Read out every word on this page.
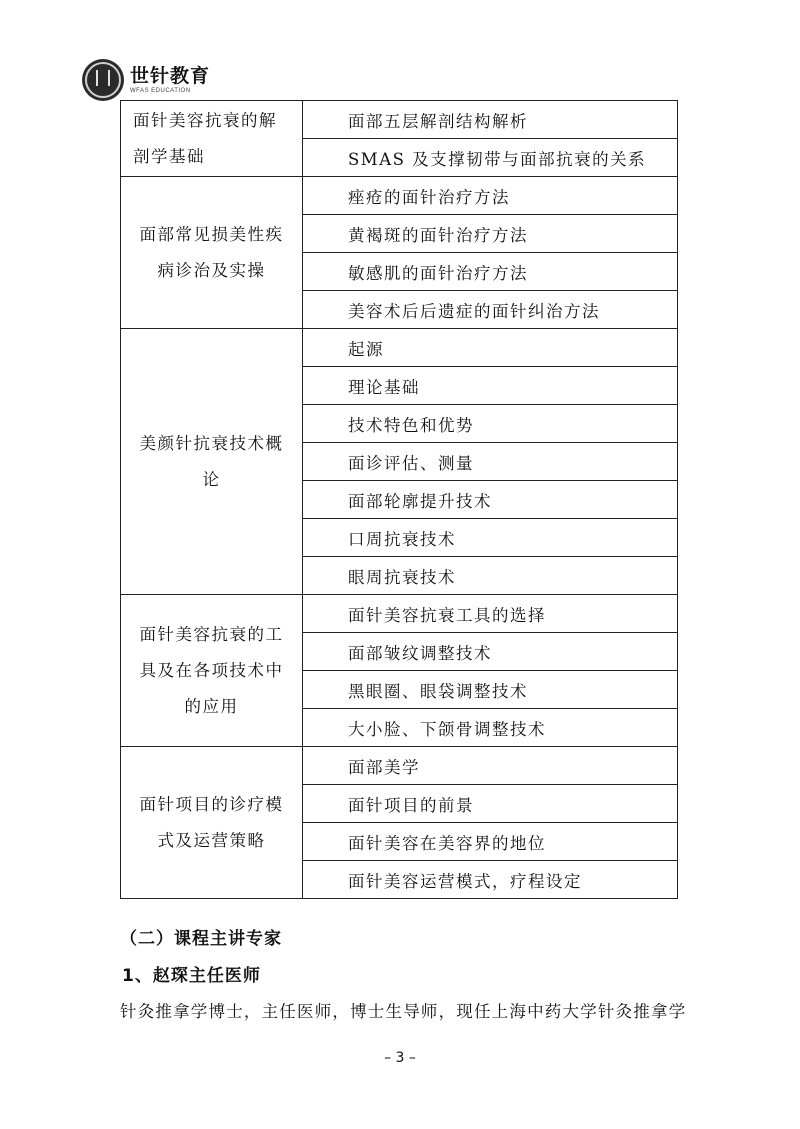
世针教育
WFAS EDUCATION
面针美容抗衰的解剖学基础	面部五层解剖结构解析
	SMAS 及支撑韧带与面部抗衰的关系
面部常见损美性疾病诊治及实操	痤疮的面针治疗方法
	黄褐斑的面针治疗方法
	敏感肌的面针治疗方法
	美容术后后遗症的面针纠治方法
美颜针抗衰技术概论	起源
	理论基础
	技术特色和优势
	面诊评估、测量
	面部轮廓提升技术
	口周抗衰技术
	眼周抗衰技术
面针美容抗衰的工具及在各项技术中的应用	面针美容抗衰工具的选择
	面部皱纹调整技术
	黑眼圈、眼袋调整技术
	大小脸、下颌骨调整技术
面针项目的诊疗模式及运营策略	面部美学
	面针项目的前景
	面针美容在美容界的地位
	面针美容运营模式，疗程设定
（二）课程主讲专家
1、赵琛主任医师
针灸推拿学博士，主任医师，博士生导师，现任上海中药大学针灸推拿学
– 3 –
